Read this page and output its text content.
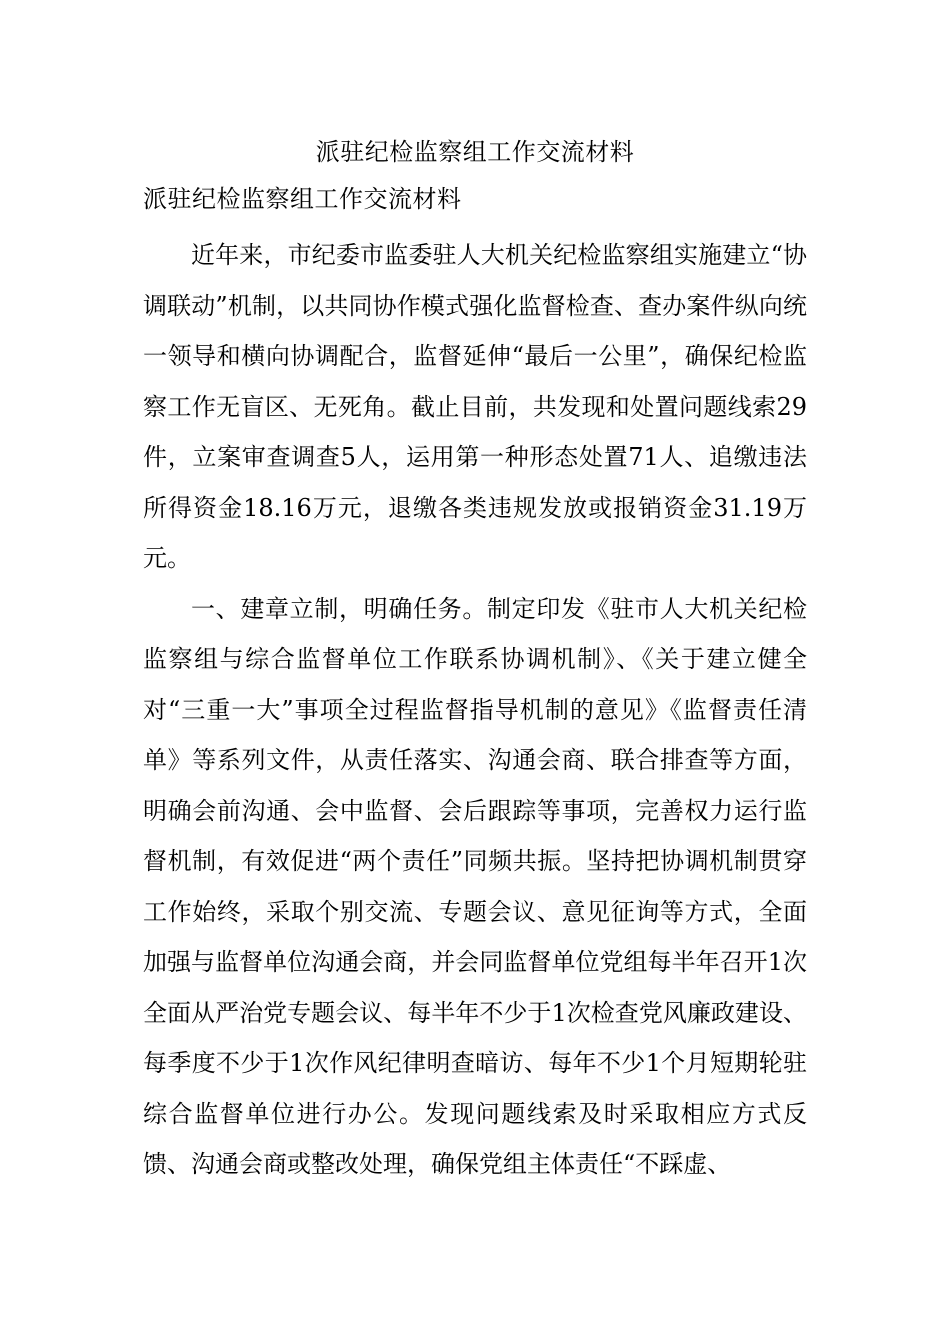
派驻纪检监察组工作交流材料
派驻纪检监察组工作交流材料

近年来，市纪委市监委驻人大机关纪检监察组实施建立“协调联动”机制，以共同协作模式强化监督检查、查办案件纵向统一领导和横向协调配合，监督延伸“最后一公里”，确保纪检监察工作无盲区、无死角。截止目前，共发现和处置问题线索29件，立案审查调查5人，运用第一种形态处置71人、追缴违法所得资金18.16万元，退缴各类违规发放或报销资金31.19万元。

一、建章立制，明确任务。制定印发《驻市人大机关纪检监察组与综合监督单位工作联系协调机制》、《关于建立健全对“三重一大”事项全过程监督指导机制的意见》《监督责任清单》等系列文件，从责任落实、沟通会商、联合排查等方面，明确会前沟通、会中监督、会后跟踪等事项，完善权力运行监督机制，有效促进“两个责任”同频共振。坚持把协调机制贯穿工作始终，采取个别交流、专题会议、意见征询等方式，全面加强与监督单位沟通会商，并会同监督单位党组每半年召开1次全面从严治党专题会议、每半年不少于1次检查党风廉政建设、每季度不少于1次作风纪律明查暗访、每年不少1个月短期轮驻综合监督单位进行办公。发现问题线索及时采取相应方式反馈、沟通会商或整改处理，确保党组主体责任“不踩虚、
